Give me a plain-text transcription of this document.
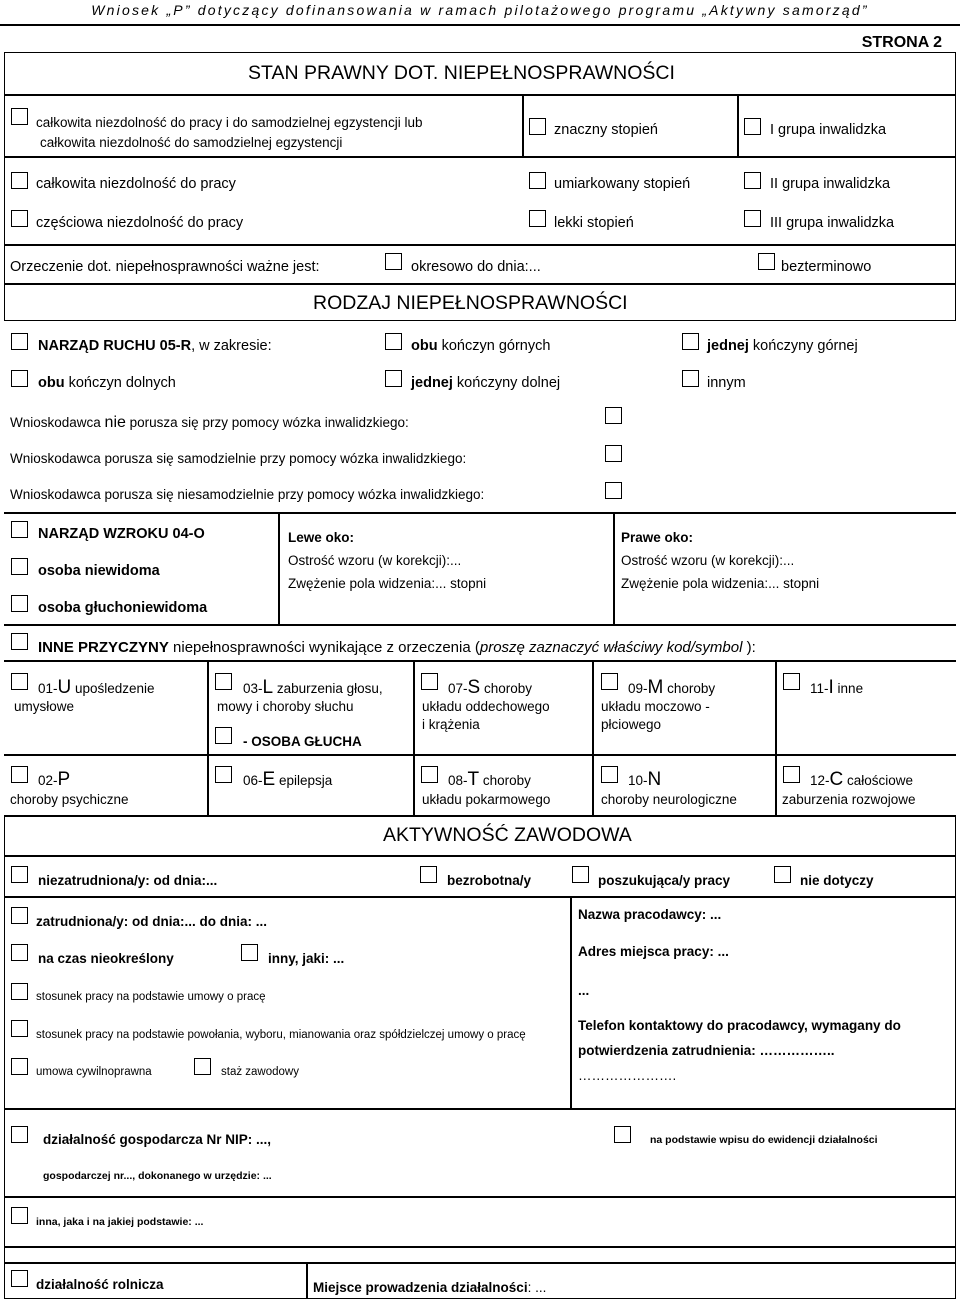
Wniosek „P” dotyczący dofinansowania w ramach pilotażowego programu „Aktywny samorząd”
STRONA 2
STAN PRAWNY DOT. NIEPEŁNOSPRAWNOŚCI
całkowita niezdolność do pracy i do samodzielnej egzystencji lub
całkowita niezdolność do samodzielnej egzystencji
znaczny stopień	I grupa inwalidzka
całkowita niezdolność do pracy	umiarkowany stopień	II grupa inwalidzka
częściowa niezdolność do pracy	lekki stopień	III grupa inwalidzka
Orzeczenie dot. niepełnosprawności ważne jest:	okresowo do dnia:...	bezterminowo
RODZAJ NIEPEŁNOSPRAWNOŚCI
NARZĄD RUCHU 05-R, w zakresie:	obu kończyn górnych	jednej kończyny górnej
obu kończyn dolnych	jednej kończyny dolnej	innym
Wnioskodawca nie porusza się przy pomocy wózka inwalidzkiego:
Wnioskodawca porusza się samodzielnie przy pomocy wózka inwalidzkiego:
Wnioskodawca porusza się niesamodzielnie przy pomocy wózka inwalidzkiego:
NARZĄD WZROKU 04-O
osoba niewidoma
osoba głuchoniewidoma
Lewe oko:
Ostrość wzoru (w korekcji):...
Zwężenie pola widzenia:... stopni
Prawe oko:
Ostrość wzoru (w korekcji):...
Zwężenie pola widzenia:... stopni
INNE PRZYCZYNY niepełnosprawności wynikające z orzeczenia (proszę zaznaczyć właściwy kod/symbol ):
01-U upośledzenie
umysłowe
03-L zaburzenia głosu,
mowy i choroby słuchu
- OSOBA GŁUCHA
07-S choroby
układu oddechowego
i krążenia
09-M choroby
układu moczowo -
płciowego
11-I inne
02-P
choroby psychiczne
06-E epilepsja	08-T choroby
układu pokarmowego
10-N
choroby neurologiczne
12-C całościowe
zaburzenia rozwojowe
AKTYWNOŚĆ ZAWODOWA
niezatrudniona/y: od dnia:...	bezrobotna/y	poszukująca/y pracy	nie dotyczy
zatrudniona/y: od dnia:... do dnia: ...
na czas nieokreślony	inny, jaki: ...
stosunek pracy na podstawie umowy o pracę
stosunek pracy na podstawie powołania, wyboru, mianowania oraz spółdzielczej umowy o pracę
umowa cywilnoprawna	staż zawodowy
Nazwa pracodawcy: ...
Adres miejsca pracy: ...
...
Telefon kontaktowy do pracodawcy, wymagany do
potwierdzenia zatrudnienia: ……………..
………………….
działalność gospodarcza Nr NIP: ...,	na podstawie wpisu do ewidencji działalności
gospodarczej nr..., dokonanego w urzędzie: ...
inna, jaka i na jakiej podstawie: ...
działalność rolnicza	Miejsce prowadzenia działalności: ...
